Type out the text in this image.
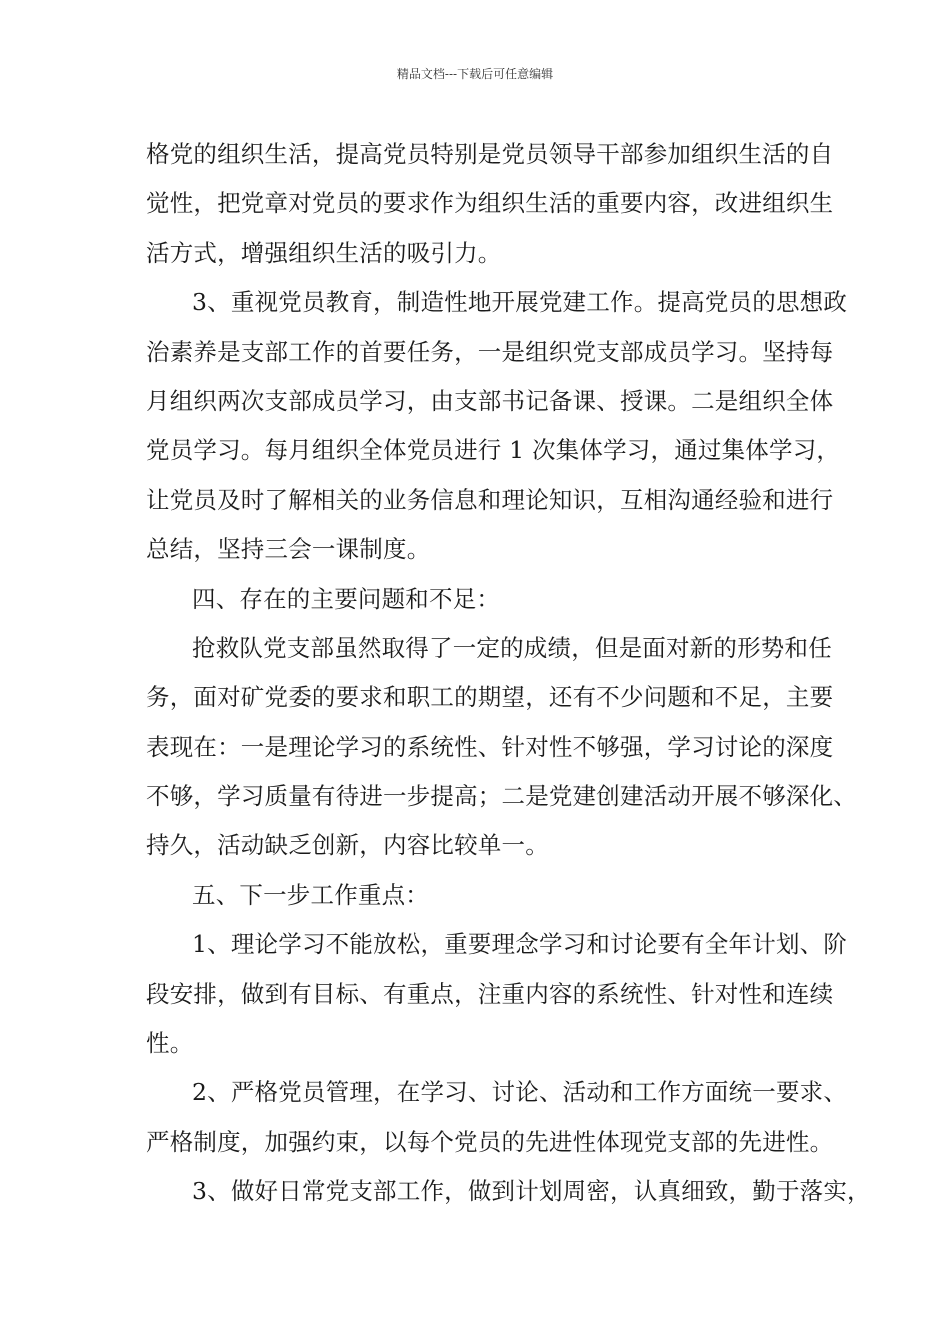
精品文档---下载后可任意编辑
格党的组织生活，提高党员特别是党员领导干部参加组织生活的自
觉性，把党章对党员的要求作为组织生活的重要内容，改进组织生
活方式，增强组织生活的吸引力。
3、重视党员教育，制造性地开展党建工作。提高党员的思想政
治素养是支部工作的首要任务，一是组织党支部成员学习。坚持每
月组织两次支部成员学习，由支部书记备课、授课。二是组织全体
党员学习。每月组织全体党员进行 1 次集体学习，通过集体学习，
让党员及时了解相关的业务信息和理论知识，互相沟通经验和进行
总结，坚持三会一课制度。
四、存在的主要问题和不足：
抢救队党支部虽然取得了一定的成绩，但是面对新的形势和任
务，面对矿党委的要求和职工的期望，还有不少问题和不足，主要
表现在：一是理论学习的系统性、针对性不够强，学习讨论的深度
不够，学习质量有待进一步提高；二是党建创建活动开展不够深化、
持久，活动缺乏创新，内容比较单一。
五、下一步工作重点：
1、理论学习不能放松，重要理念学习和讨论要有全年计划、阶
段安排，做到有目标、有重点，注重内容的系统性、针对性和连续
性。
2、严格党员管理，在学习、讨论、活动和工作方面统一要求、
严格制度，加强约束，以每个党员的先进性体现党支部的先进性。
3、做好日常党支部工作，做到计划周密，认真细致，勤于落实，
